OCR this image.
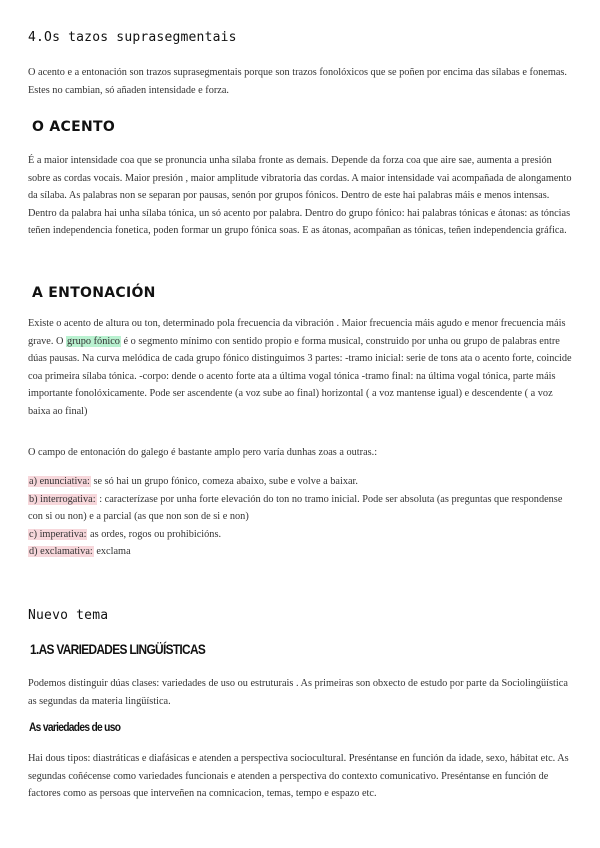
4.Os tazos suprasegmentais

O acento e a entonación son trazos suprasegmentais porque son trazos fonolóxicos que se poñen por encima das sílabas e fonemas. Estes no cambian, só añaden intensidade e forza.

O ACENTO

É a maior intensidade coa que se pronuncia unha sílaba fronte as demais. Depende da forza coa que aire sae, aumenta a presión sobre as cordas vocais. Maior presión , maior amplitude vibratoria das cordas. A maior intensidade vai acompañada de alongamento da sílaba. As palabras non se separan por pausas, senón por grupos fónicos. Dentro de este hai palabras máis e menos intensas. Dentro da palabra hai unha sílaba tónica, un só acento por palabra. Dentro do grupo fónico: hai palabras tónicas e átonas: as tóncias teñen independencia fonetica, poden formar un grupo fónica soas. E as átonas, acompañan as tónicas, teñen independencia gráfica.

A ENTONACIÓN

Existe o acento de altura ou ton, determinado pola frecuencia da vibración . Maior frecuencia máis agudo e menor frecuencia máis grave. O grupo fónico é o segmento mínimo con sentido propio e forma musical, construido por unha ou grupo de palabras entre dúas pausas. Na curva melódica de cada grupo fónico distinguimos 3 partes: -tramo inicial: serie de tons ata o acento forte, coincide coa primeira sílaba tónica. -corpo: dende o acento forte ata a última vogal tónica -tramo final: na última vogal tónica, parte máis importante fonolóxicamente. Pode ser ascendente (a voz sube ao final) horizontal ( a voz mantense igual) e descendente ( a voz baixa ao final)

O campo de entonación do galego é bastante amplo pero varía dunhas zoas a outras.:

a) enunciativa: se só hai un grupo fónico, comeza abaixo, sube e volve a baixar.
b) interrogativa: : caracterízase por unha forte elevación do ton no tramo inicial. Pode ser absoluta (as preguntas que respondense con si ou non) e a parcial (as que non son de si e non)
c) imperativa: as ordes, rogos ou prohibicións.
d) exclamativa: exclama
Nuevo tema
1.AS VARIEDADES LINGÜÍSTICAS

Podemos distinguir dúas clases: variedades de uso ou estruturais . As primeiras son obxecto de estudo por parte da Sociolingüística as segundas da materia lingüística.

As variedades de uso

Hai dous tipos: diastráticas e diafásicas e atenden a perspectiva sociocultural. Preséntanse en función da idade, sexo, hábitat etc. As segundas coñécense como variedades funcionais e atenden a perspectiva do contexto comunicativo. Preséntanse en función de factores como as persoas que interveñen na comnicacion, temas, tempo e espazo etc.
